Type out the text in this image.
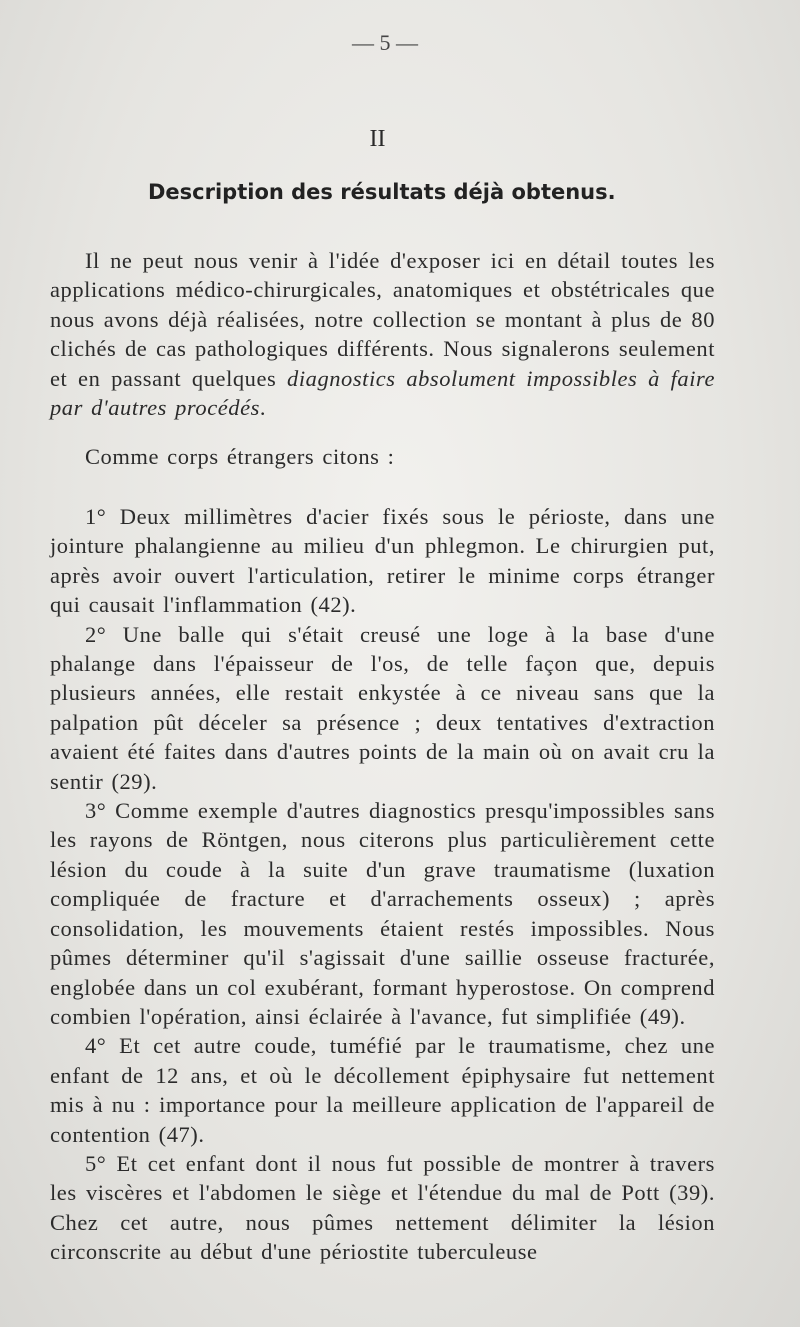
— 5 —
II
Description des résultats déjà obtenus.

Il ne peut nous venir à l'idée d'exposer ici en détail toutes les applications médico-chirurgicales, anatomiques et obstétricales que nous avons déjà réalisées, notre collection se montant à plus de 80 clichés de cas pathologiques différents. Nous signalerons seulement et en passant quelques diagnostics absolument impossibles à faire par d'autres procédés.

Comme corps étrangers citons :

1° Deux millimètres d'acier fixés sous le périoste, dans une jointure phalangienne au milieu d'un phlegmon. Le chirurgien put, après avoir ouvert l'articulation, retirer le minime corps étranger qui causait l'inflammation (42).

2° Une balle qui s'était creusé une loge à la base d'une phalange dans l'épaisseur de l'os, de telle façon que, depuis plusieurs années, elle restait enkystée à ce niveau sans que la palpation pût déceler sa présence ; deux tentatives d'extraction avaient été faites dans d'autres points de la main où on avait cru la sentir (29).

3° Comme exemple d'autres diagnostics presqu'impossibles sans les rayons de Röntgen, nous citerons plus particulièrement cette lésion du coude à la suite d'un grave traumatisme (luxation compliquée de fracture et d'arrachements osseux) ; après consolidation, les mouvements étaient restés impossibles. Nous pûmes déterminer qu'il s'agissait d'une saillie osseuse fracturée, englobée dans un col exubérant, formant hyperostose. On comprend combien l'opération, ainsi éclairée à l'avance, fut simplifiée (49).

4° Et cet autre coude, tuméfié par le traumatisme, chez une enfant de 12 ans, et où le décollement épiphysaire fut nettement mis à nu : importance pour la meilleure application de l'appareil de contention (47).

5° Et cet enfant dont il nous fut possible de montrer à travers les viscères et l'abdomen le siège et l'étendue du mal de Pott (39). Chez cet autre, nous pûmes nettement délimiter la lésion circonscrite au début d'une périostite tuberculeuse
